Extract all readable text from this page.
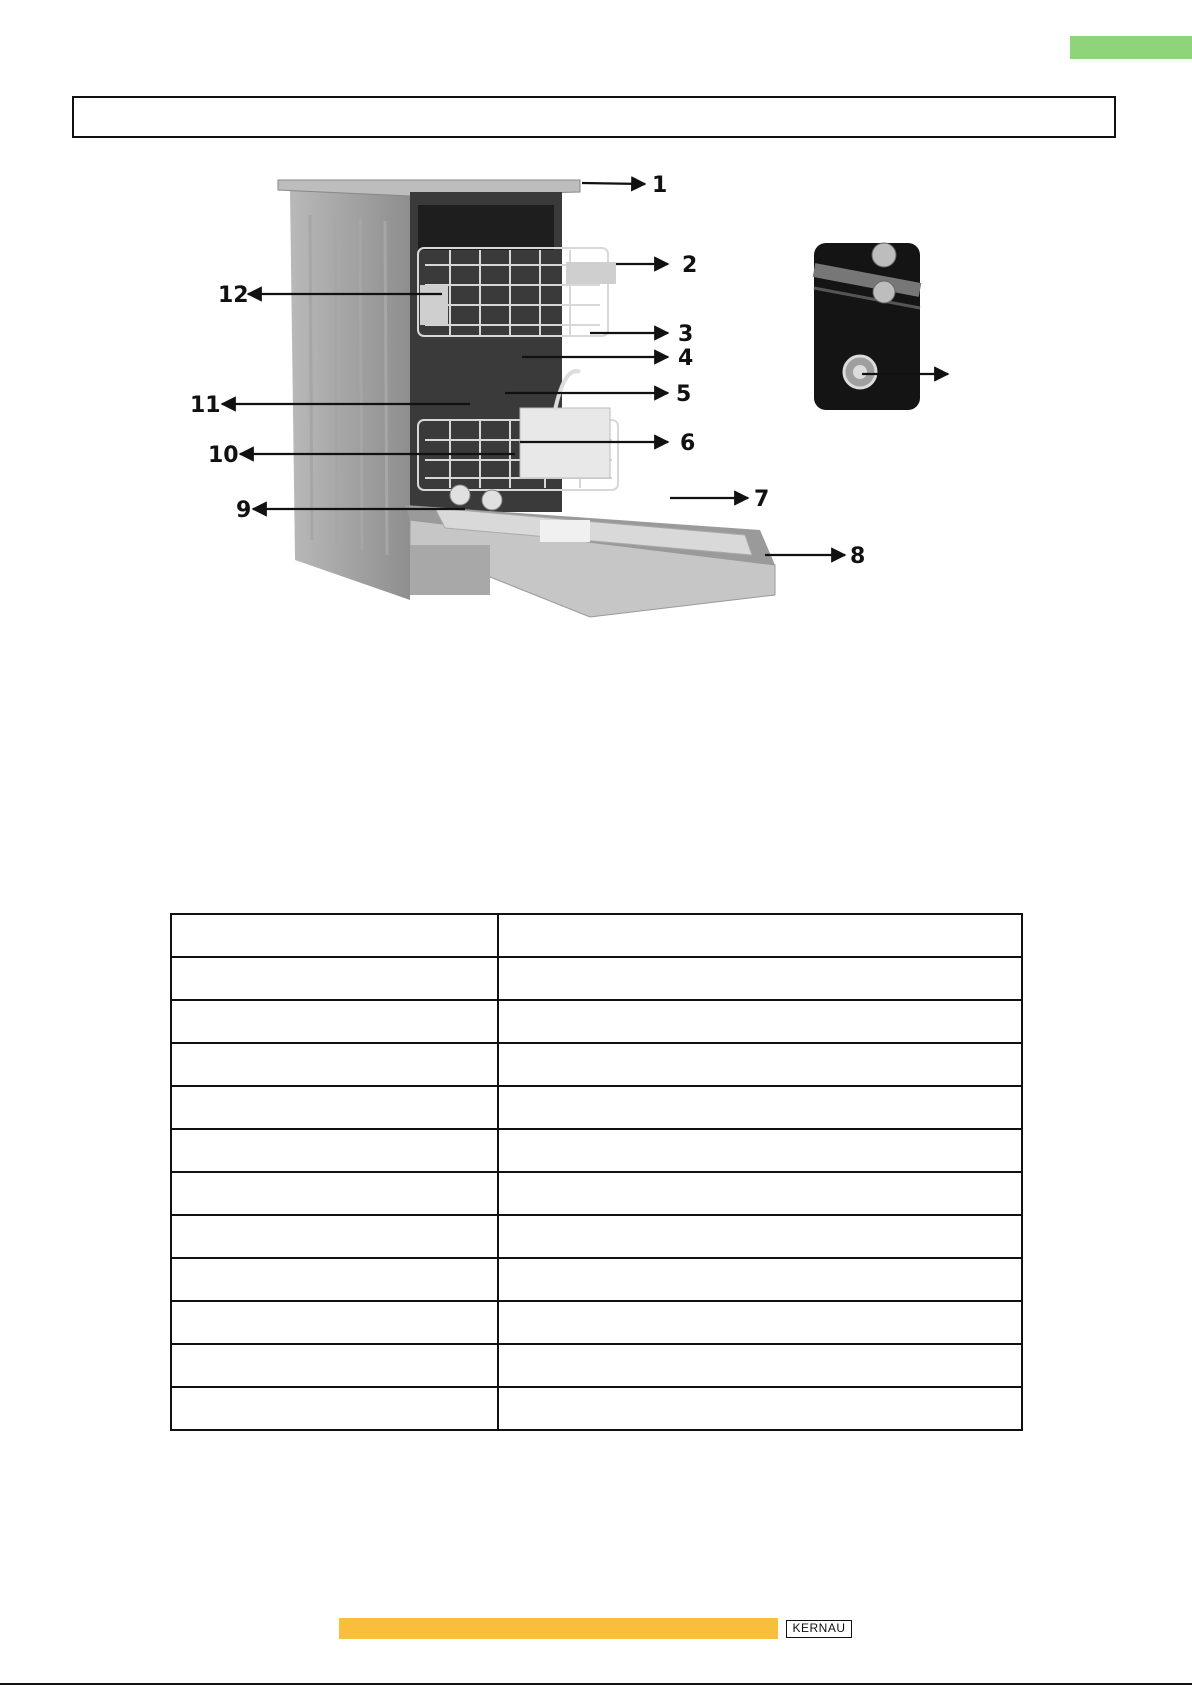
1
2
3
4
5
6
7
8
9
10
11
12

KERNAU
